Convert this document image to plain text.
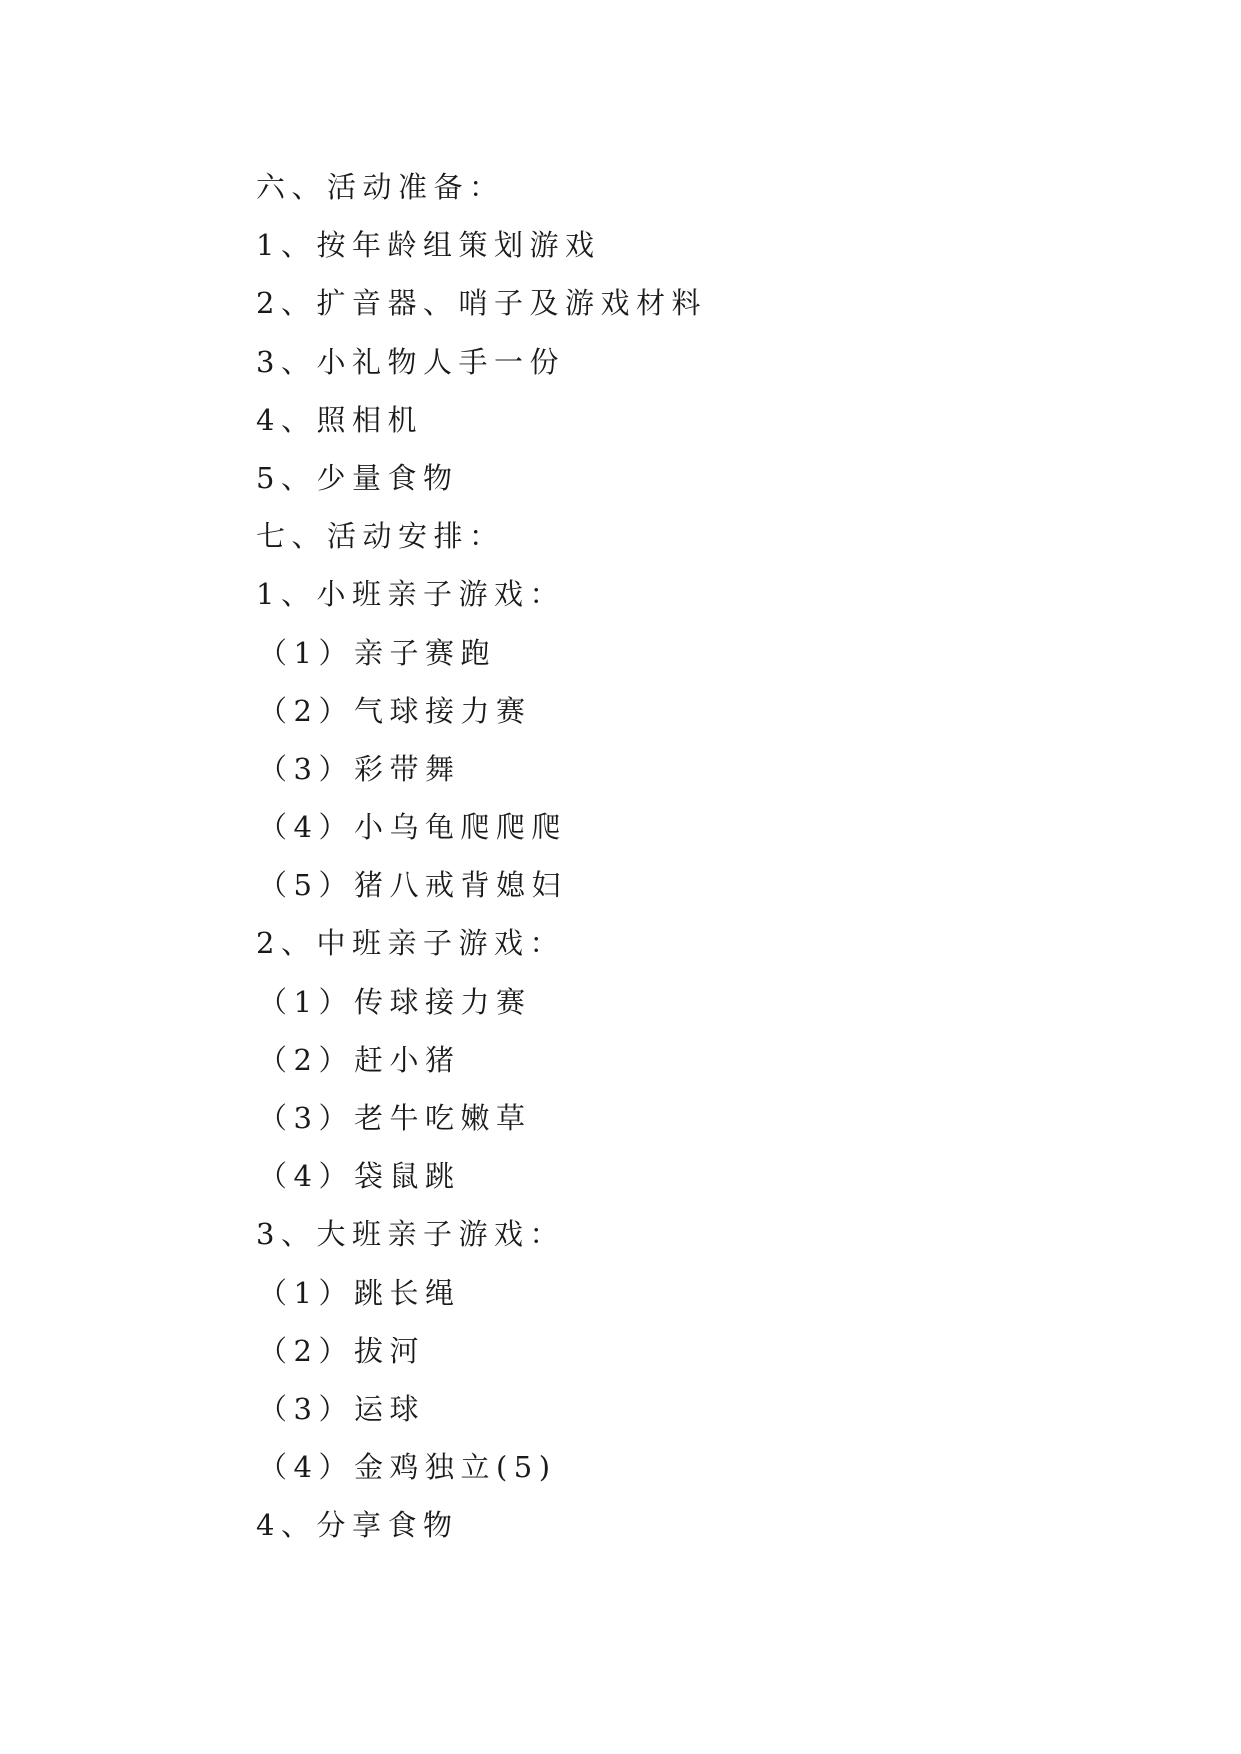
六、活动准备：
1、按年龄组策划游戏
2、扩音器、哨子及游戏材料
3、小礼物人手一份
4、照相机
5、少量食物
七、活动安排：
1、小班亲子游戏：
（1）亲子赛跑
（2）气球接力赛
（3）彩带舞
（4）小乌龟爬爬爬
（5）猪八戒背媳妇
2、中班亲子游戏：
（1）传球接力赛
（2）赶小猪
（3）老牛吃嫩草
（4）袋鼠跳
3、大班亲子游戏：
（1）跳长绳
（2）拔河
（3）运球
（4）金鸡独立(5)
4、分享食物
